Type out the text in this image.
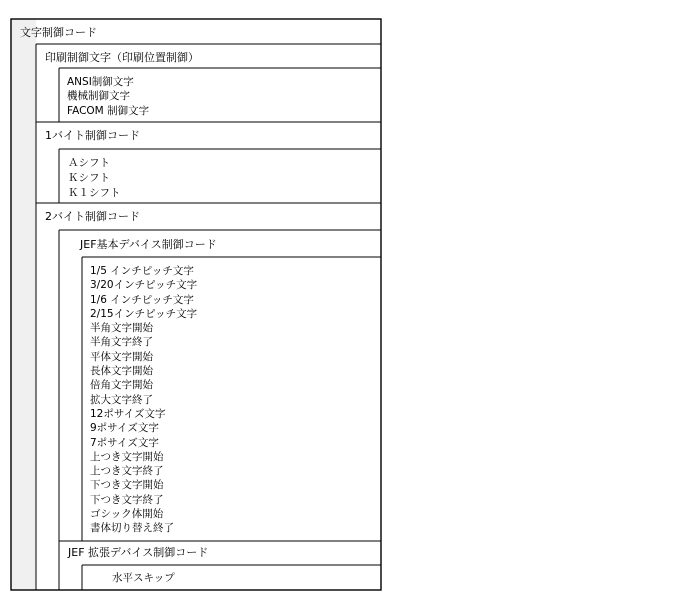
文字制御コード
印刷制御文字（印刷位置制御）
1バイト制御コード
2バイト制御コード
JEF基本デバイス制御コード
JEF 拡張デバイス制御コード
ANSI制御文字
機械制御文字
FACOM 制御文字
Ａシフト
Ｋシフト
Ｋ１シフト
1/5 インチピッチ文字
3/20インチピッチ文字
1/6 インチピッチ文字
2/15インチピッチ文字
半角文字開始
半角文字終了
平体文字開始
長体文字開始
倍角文字開始
拡大文字終了
12ポサイズ文字
9ポサイズ文字
7ポサイズ文字
上つき文字開始
上つき文字終了
下つき文字開始
下つき文字終了
ゴシック体開始
書体切り替え終了
水平スキップ
